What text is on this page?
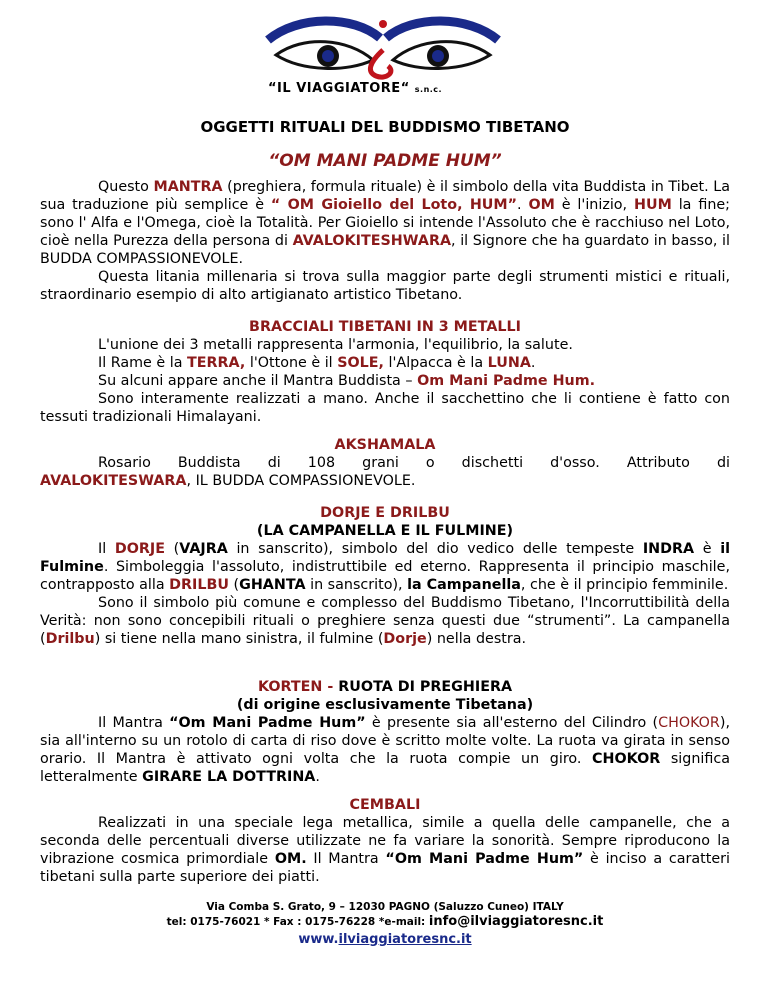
“IL VIAGGIATORE“ s.n.c.
OGGETTI RITUALI DEL BUDDISMO TIBETANO
“OM MANI PADME HUM”
Questo MANTRA (preghiera, formula rituale) è il simbolo della vita Buddista in Tibet. La sua traduzione più semplice è “ OM Gioiello del Loto, HUM”. OM è l'inizio, HUM la fine; sono l' Alfa e l'Omega, cioè la Totalità. Per Gioiello si intende l'Assoluto che è racchiuso nel Loto, cioè nella Purezza della persona di AVALOKITESHWARA, il Signore che ha guardato in basso, il BUDDA COMPASSIONEVOLE.
Questa litania millenaria si trova sulla maggior parte degli strumenti mistici e rituali, straordinario esempio di alto artigianato artistico Tibetano.
BRACCIALI TIBETANI IN 3 METALLI
L'unione dei 3 metalli rappresenta l'armonia, l'equilibrio, la salute.
Il Rame è la TERRA, l'Ottone è il SOLE, l'Alpacca è la LUNA.
Su alcuni appare anche il Mantra Buddista – Om Mani Padme Hum.
Sono interamente realizzati a mano. Anche il sacchettino che li contiene è fatto con tessuti tradizionali Himalayani.
AKSHAMALA
Rosario Buddista di 108 grani o dischetti d'osso. Attributo di
AVALOKITESWARA, IL BUDDA COMPASSIONEVOLE.
DORJE E DRILBU
(LA CAMPANELLA E IL FULMINE)
Il DORJE (VAJRA in sanscrito), simbolo del dio vedico delle tempeste INDRA è il Fulmine. Simboleggia l'assoluto, indistruttibile ed eterno. Rappresenta il principio maschile, contrapposto alla DRILBU (GHANTA in sanscrito), la Campanella, che è il principio femminile.
Sono il simbolo più comune e complesso del Buddismo Tibetano, l'Incorruttibilità della Verità: non sono concepibili rituali o preghiere senza questi due “strumenti”. La campanella (Drilbu) si tiene nella mano sinistra, il fulmine (Dorje) nella destra.
KORTEN - RUOTA DI PREGHIERA
(di origine esclusivamente Tibetana)
Il Mantra “Om Mani Padme Hum” è presente sia all'esterno del Cilindro (CHOKOR), sia all'interno su un rotolo di carta di riso dove è scritto molte volte. La ruota va girata in senso orario. Il Mantra è attivato ogni volta che la ruota compie un giro. CHOKOR significa letteralmente GIRARE LA DOTTRINA.
CEMBALI
Realizzati in una speciale lega metallica, simile a quella delle campanelle, che a seconda delle percentuali diverse utilizzate ne fa variare la sonorità. Sempre riproducono la vibrazione cosmica primordiale OM. Il Mantra “Om Mani Padme Hum” è inciso a caratteri tibetani sulla parte superiore dei piatti.
Via Comba S. Grato, 9 – 12030 PAGNO (Saluzzo Cuneo) ITALY
tel: 0175-76021 * Fax : 0175-76228 *e-mail: info@ilviaggiatoresnc.it
www.ilviaggiatoresnc.it
